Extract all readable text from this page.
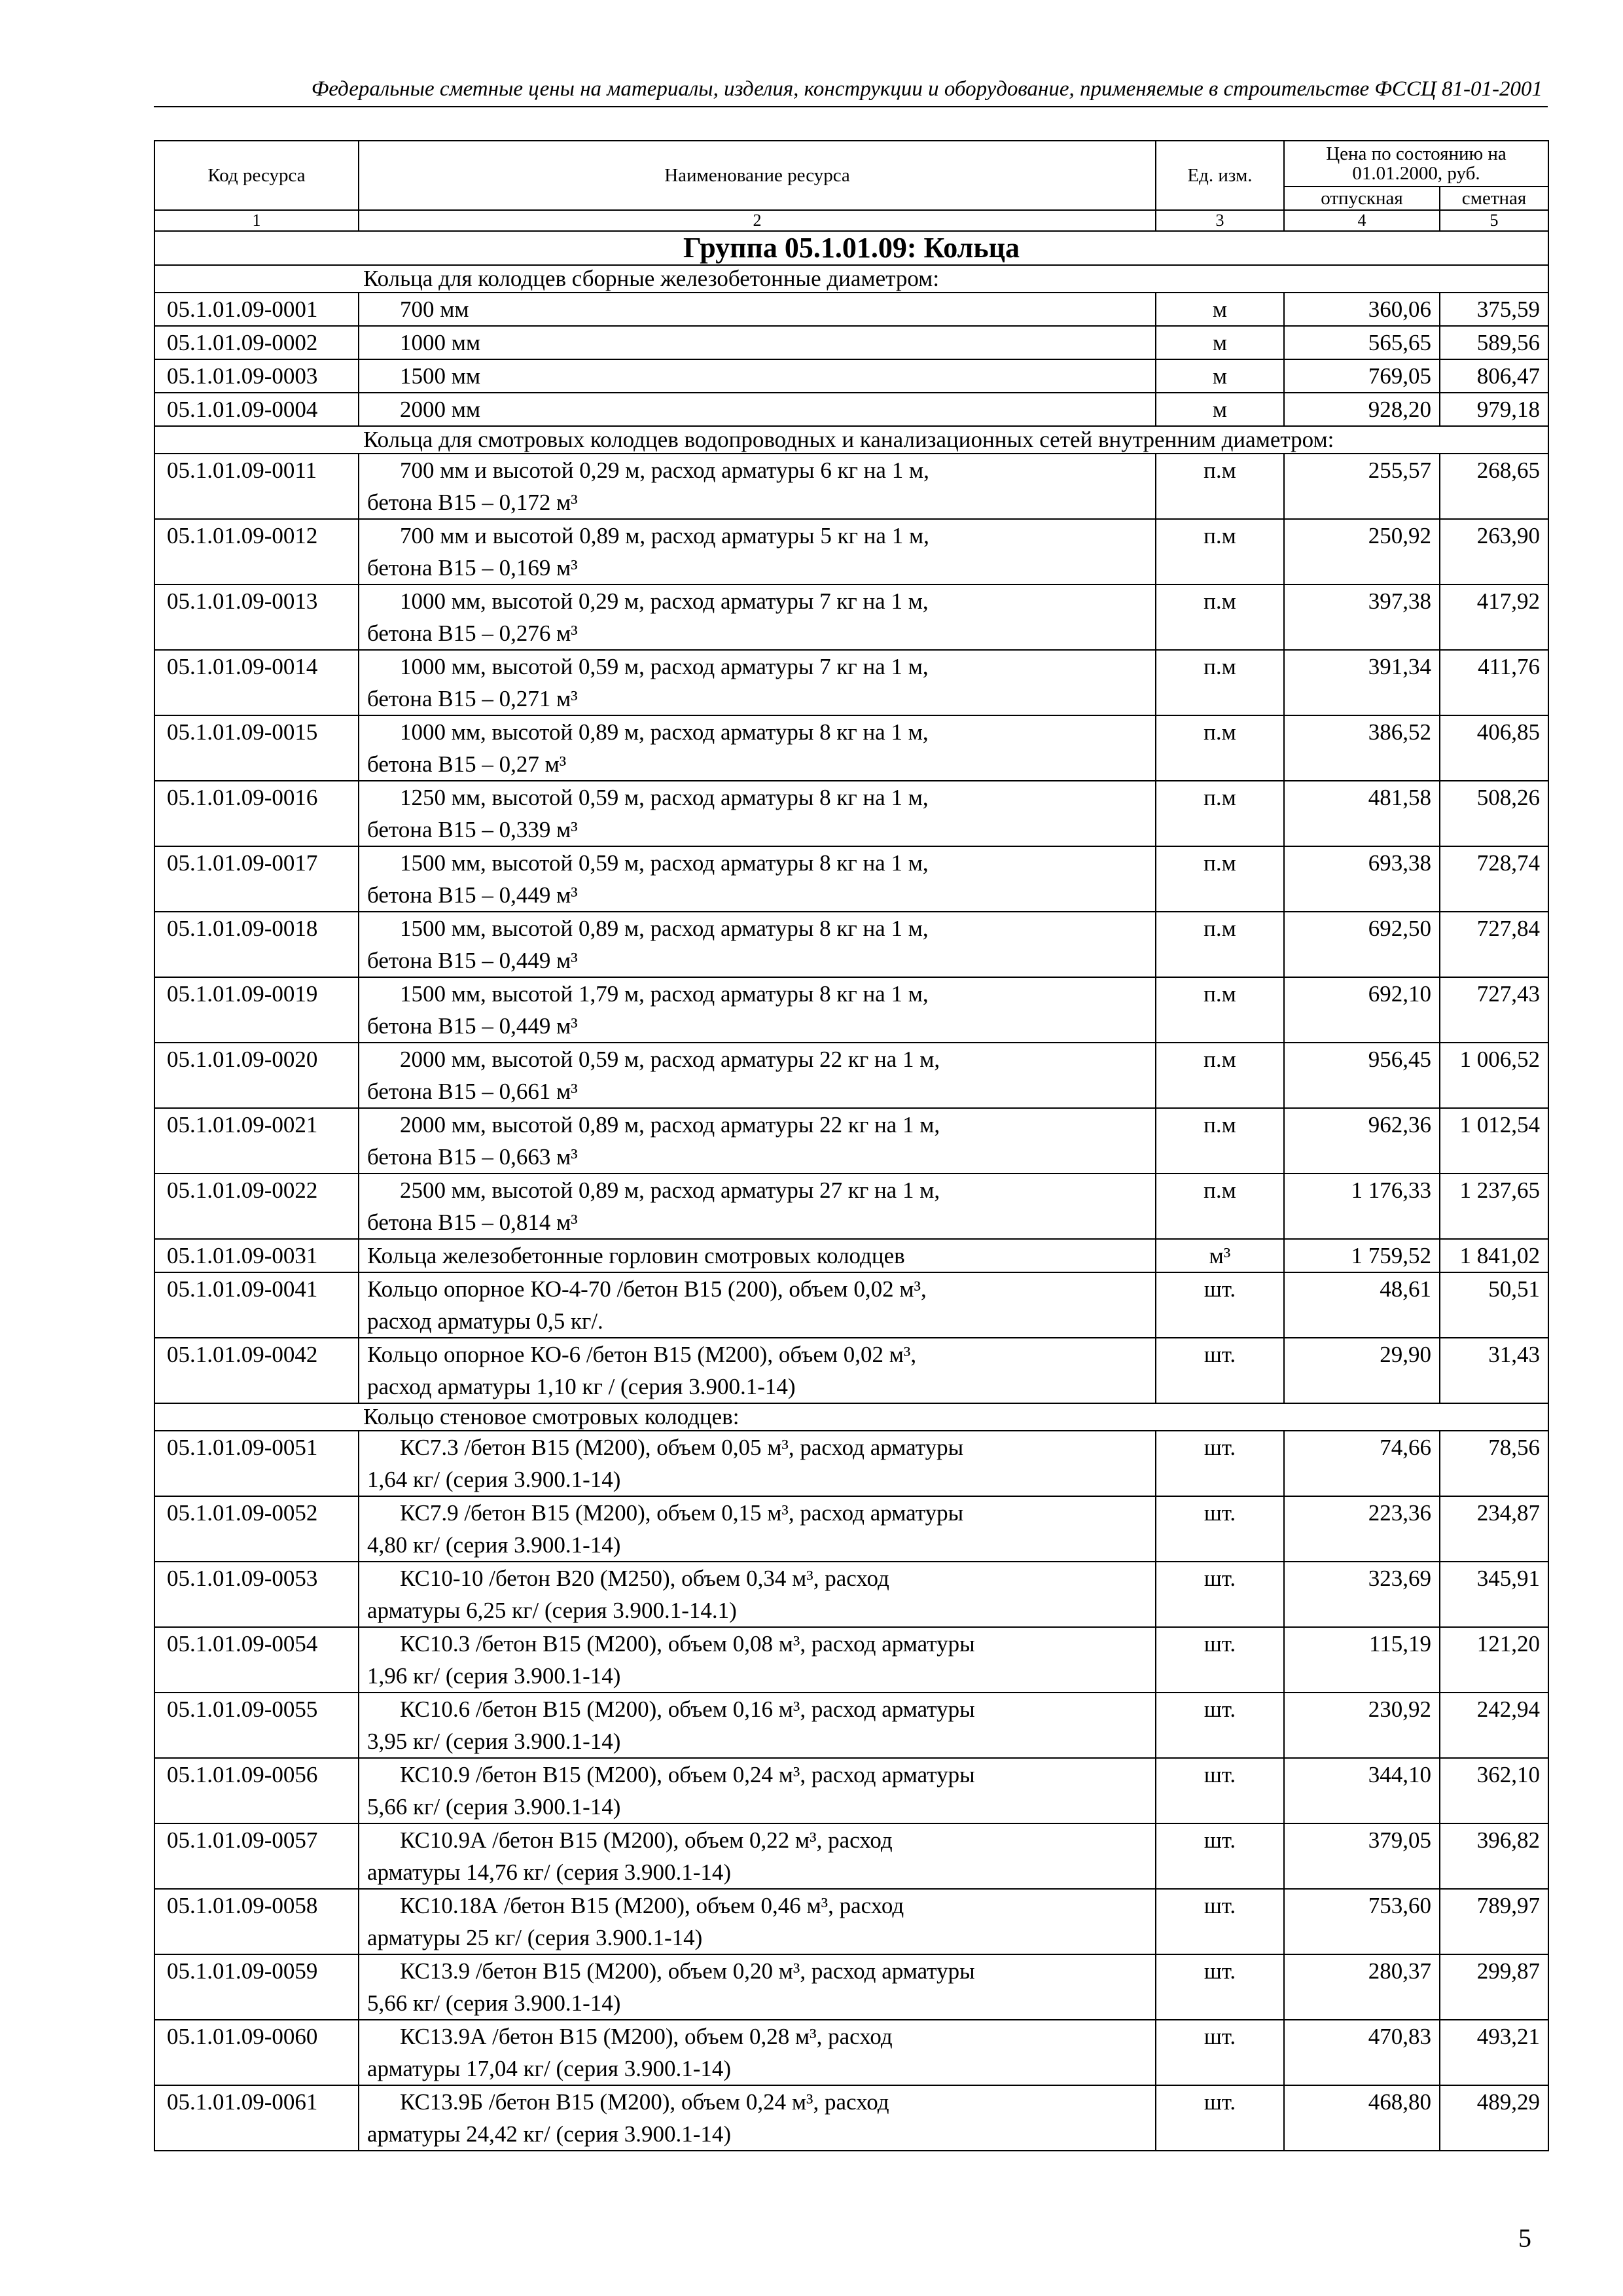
Федеральные сметные цены на материалы, изделия, конструкции и оборудование, применяемые в строительстве ФССЦ 81-01-2001
Код ресурса	Наименование ресурса	Ед. изм.	Цена по состоянию на 01.01.2000, руб.	
			отпускная	сметная
1	2	3	4	5
Группа 05.1.01.09: Кольца				
Кольца для колодцев сборные железобетонные диаметром:				
05.1.01.09-0001	700 мм	м	360,06	375,59
05.1.01.09-0002	1000 мм	м	565,65	589,56
05.1.01.09-0003	1500 мм	м	769,05	806,47
05.1.01.09-0004	2000 мм	м	928,20	979,18
Кольца для смотровых колодцев водопроводных и канализационных сетей внутренним диаметром:				
05.1.01.09-0011	700 мм и высотой 0,29 м, расход арматуры 6 кг на 1 м,
бетона В15 – 0,172 м³	п.м	255,57	268,65
05.1.01.09-0012	700 мм и высотой 0,89 м, расход арматуры 5 кг на 1 м,
бетона В15 – 0,169 м³	п.м	250,92	263,90
05.1.01.09-0013	1000 мм, высотой 0,29 м, расход арматуры 7 кг на 1 м,
бетона В15 – 0,276 м³	п.м	397,38	417,92
05.1.01.09-0014	1000 мм, высотой 0,59 м, расход арматуры 7 кг на 1 м,
бетона В15 – 0,271 м³	п.м	391,34	411,76
05.1.01.09-0015	1000 мм, высотой 0,89 м, расход арматуры 8 кг на 1 м,
бетона В15 – 0,27 м³	п.м	386,52	406,85
05.1.01.09-0016	1250 мм, высотой 0,59 м, расход арматуры 8 кг на 1 м,
бетона В15 – 0,339 м³	п.м	481,58	508,26
05.1.01.09-0017	1500 мм, высотой 0,59 м, расход арматуры 8 кг на 1 м,
бетона В15 – 0,449 м³	п.м	693,38	728,74
05.1.01.09-0018	1500 мм, высотой 0,89 м, расход арматуры 8 кг на 1 м,
бетона В15 – 0,449 м³	п.м	692,50	727,84
05.1.01.09-0019	1500 мм, высотой 1,79 м, расход арматуры 8 кг на 1 м,
бетона В15 – 0,449 м³	п.м	692,10	727,43
05.1.01.09-0020	2000 мм, высотой 0,59 м, расход арматуры 22 кг на 1 м,
бетона В15 – 0,661 м³	п.м	956,45	1 006,52
05.1.01.09-0021	2000 мм, высотой 0,89 м, расход арматуры 22 кг на 1 м,
бетона В15 – 0,663 м³	п.м	962,36	1 012,54
05.1.01.09-0022	2500 мм, высотой 0,89 м, расход арматуры 27 кг на 1 м,
бетона В15 – 0,814 м³	п.м	1 176,33	1 237,65
05.1.01.09-0031	Кольца железобетонные горловин смотровых колодцев	м³	1 759,52	1 841,02
05.1.01.09-0041	Кольцо опорное КО-4-70 /бетон В15 (200), объем 0,02 м³,
расход арматуры 0,5 кг/.	шт.	48,61	50,51
05.1.01.09-0042	Кольцо опорное КО-6 /бетон В15 (М200), объем 0,02 м³,
расход арматуры 1,10 кг / (серия 3.900.1-14)	шт.	29,90	31,43
Кольцо стеновое смотровых колодцев:				
05.1.01.09-0051	КС7.3 /бетон В15 (М200), объем 0,05 м³, расход арматуры
1,64 кг/ (серия 3.900.1-14)	шт.	74,66	78,56
05.1.01.09-0052	КС7.9 /бетон В15 (М200), объем 0,15 м³, расход арматуры
4,80 кг/ (серия 3.900.1-14)	шт.	223,36	234,87
05.1.01.09-0053	КС10-10 /бетон В20 (М250), объем 0,34 м³, расход
арматуры 6,25 кг/ (серия 3.900.1-14.1)	шт.	323,69	345,91
05.1.01.09-0054	КС10.3 /бетон В15 (М200), объем 0,08 м³, расход арматуры
1,96 кг/ (серия 3.900.1-14)	шт.	115,19	121,20
05.1.01.09-0055	КС10.6 /бетон В15 (М200), объем 0,16 м³, расход арматуры
3,95 кг/ (серия 3.900.1-14)	шт.	230,92	242,94
05.1.01.09-0056	КС10.9 /бетон В15 (М200), объем 0,24 м³, расход арматуры
5,66 кг/ (серия 3.900.1-14)	шт.	344,10	362,10
05.1.01.09-0057	КС10.9А /бетон В15 (М200), объем 0,22 м³, расход
арматуры 14,76 кг/ (серия 3.900.1-14)	шт.	379,05	396,82
05.1.01.09-0058	КС10.18А /бетон В15 (М200), объем 0,46 м³, расход
арматуры 25 кг/ (серия 3.900.1-14)	шт.	753,60	789,97
05.1.01.09-0059	КС13.9 /бетон В15 (М200), объем 0,20 м³, расход арматуры
5,66 кг/ (серия 3.900.1-14)	шт.	280,37	299,87
05.1.01.09-0060	КС13.9А /бетон В15 (М200), объем 0,28 м³, расход
арматуры 17,04 кг/ (серия 3.900.1-14)	шт.	470,83	493,21
05.1.01.09-0061	КС13.9Б /бетон В15 (М200), объем 0,24 м³, расход
арматуры 24,42 кг/ (серия 3.900.1-14)	шт.	468,80	489,29
5
